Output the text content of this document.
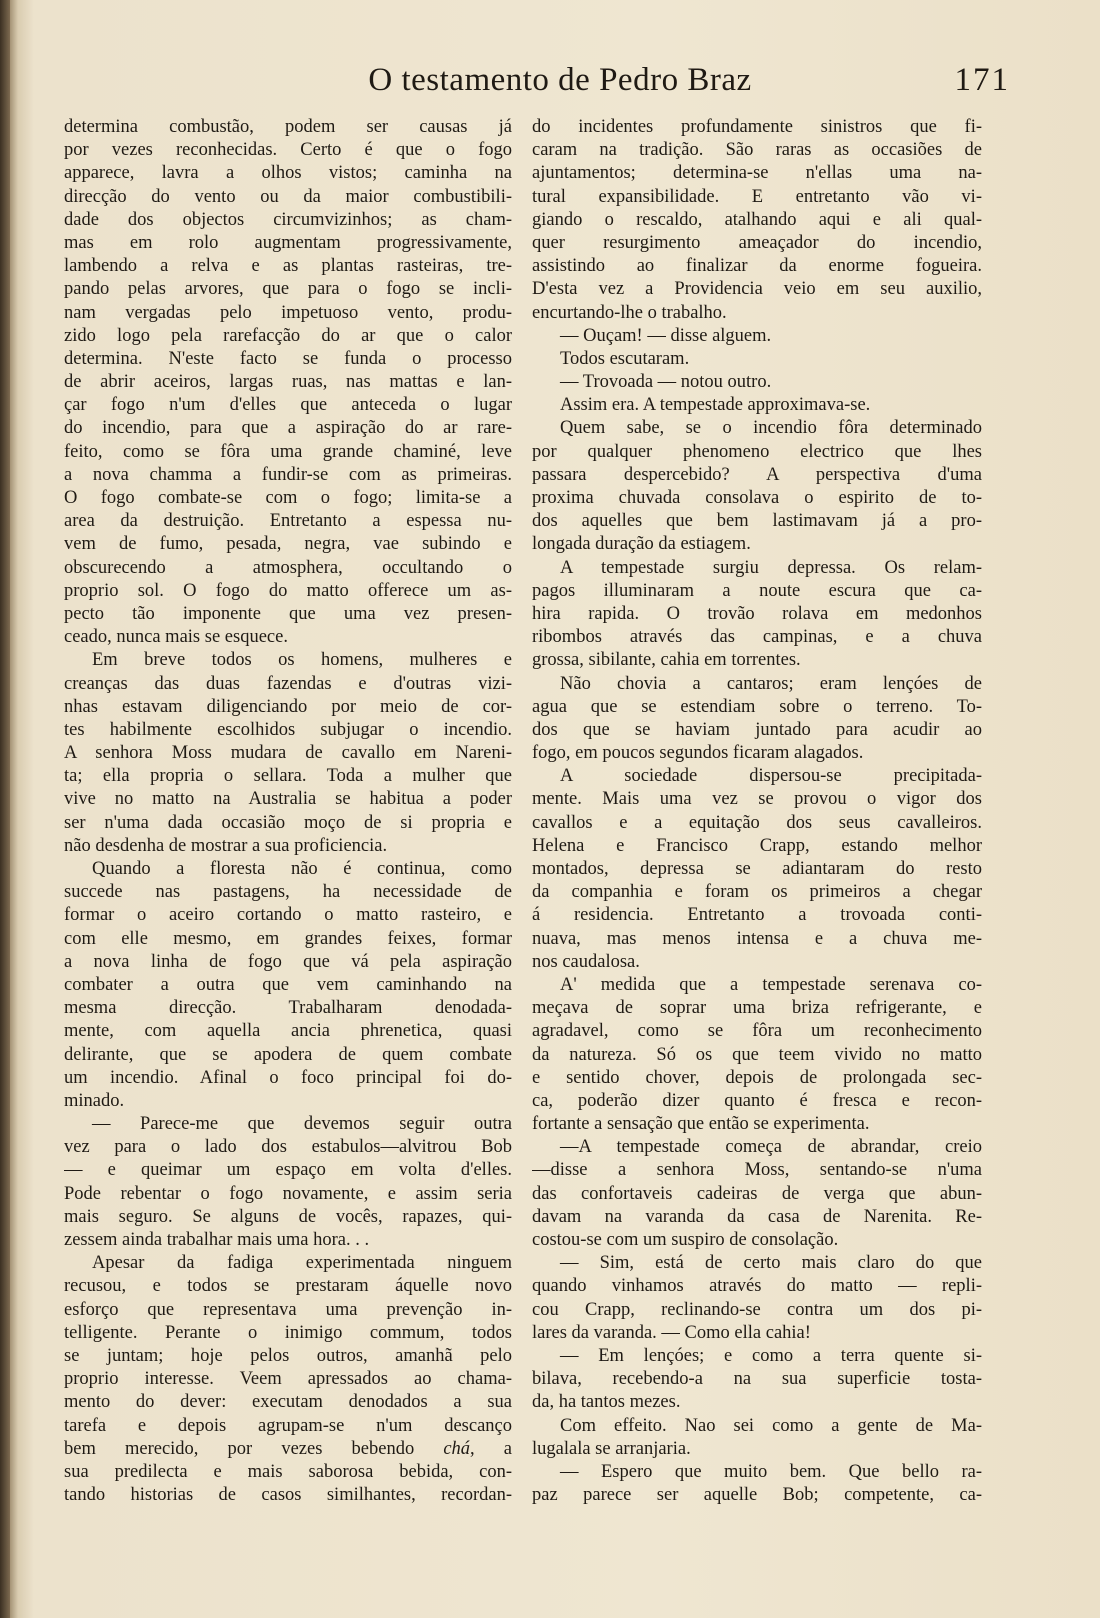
O testamento de Pedro Braz	171
determina combustão, podem ser causas já
por vezes reconhecidas. Certo é que o fogo
apparece, lavra a olhos vistos; caminha na
direcção do vento ou da maior combustibili-
dade dos objectos circumvizinhos; as cham-
mas em rolo augmentam progressivamente,
lambendo a relva e as plantas rasteiras, tre-
pando pelas arvores, que para o fogo se incli-
nam vergadas pelo impetuoso vento, produ-
zido logo pela rarefacção do ar que o calor
determina. N'este facto se funda o processo
de abrir aceiros, largas ruas, nas mattas e lan-
çar fogo n'um d'elles que anteceda o lugar
do incendio, para que a aspiração do ar rare-
feito, como se fôra uma grande chaminé, leve
a nova chamma a fundir-se com as primeiras.
O fogo combate-se com o fogo; limita-se a
area da destruição. Entretanto a espessa nu-
vem de fumo, pesada, negra, vae subindo e
obscurecendo a atmosphera, occultando o
proprio sol. O fogo do matto offerece um as-
pecto tão imponente que uma vez presen-
ceado, nunca mais se esquece.
Em breve todos os homens, mulheres e
creanças das duas fazendas e d'outras vizi-
nhas estavam diligenciando por meio de cor-
tes habilmente escolhidos subjugar o incendio.
A senhora Moss mudara de cavallo em Nareni-
ta; ella propria o sellara. Toda a mulher que
vive no matto na Australia se habitua a poder
ser n'uma dada occasião moço de si propria e
não desdenha de mostrar a sua proficiencia.
Quando a floresta não é continua, como
succede nas pastagens, ha necessidade de
formar o aceiro cortando o matto rasteiro, e
com elle mesmo, em grandes feixes, formar
a nova linha de fogo que vá pela aspiração
combater a outra que vem caminhando na
mesma direcção. Trabalharam denodada-
mente, com aquella ancia phrenetica, quasi
delirante, que se apodera de quem combate
um incendio. Afinal o foco principal foi do-
minado.
— Parece-me que devemos seguir outra
vez para o lado dos estabulos—alvitrou Bob
— e queimar um espaço em volta d'elles.
Pode rebentar o fogo novamente, e assim seria
mais seguro. Se alguns de vocês, rapazes, qui-
zessem ainda trabalhar mais uma hora. . .
Apesar da fadiga experimentada ninguem
recusou, e todos se prestaram áquelle novo
esforço que representava uma prevenção in-
telligente. Perante o inimigo commum, todos
se juntam; hoje pelos outros, amanhã pelo
proprio interesse. Veem apressados ao chama-
mento do dever: executam denodados a sua
tarefa e depois agrupam-se n'um descanço
bem merecido, por vezes bebendo chá, a
sua predilecta e mais saborosa bebida, con-
tando historias de casos similhantes, recordan-
do incidentes profundamente sinistros que fi-
caram na tradição. São raras as occasiões de
ajuntamentos; determina-se n'ellas uma na-
tural expansibilidade. E entretanto vão vi-
giando o rescaldo, atalhando aqui e ali qual-
quer resurgimento ameaçador do incendio,
assistindo ao finalizar da enorme fogueira.
D'esta vez a Providencia veio em seu auxilio,
encurtando-lhe o trabalho.
— Ouçam! — disse alguem.
Todos escutaram.
— Trovoada — notou outro.
Assim era. A tempestade approximava-se.
Quem sabe, se o incendio fôra determinado
por qualquer phenomeno electrico que lhes
passara despercebido? A perspectiva d'uma
proxima chuvada consolava o espirito de to-
dos aquelles que bem lastimavam já a pro-
longada duração da estiagem.
A tempestade surgiu depressa. Os relam-
pagos illuminaram a noute escura que ca-
hira rapida. O trovão rolava em medonhos
ribombos através das campinas, e a chuva
grossa, sibilante, cahia em torrentes.
Não chovia a cantaros; eram lençóes de
agua que se estendiam sobre o terreno. To-
dos que se haviam juntado para acudir ao
fogo, em poucos segundos ficaram alagados.
A sociedade dispersou-se precipitada-
mente. Mais uma vez se provou o vigor dos
cavallos e a equitação dos seus cavalleiros.
Helena e Francisco Crapp, estando melhor
montados, depressa se adiantaram do resto
da companhia e foram os primeiros a chegar
á residencia. Entretanto a trovoada conti-
nuava, mas menos intensa e a chuva me-
nos caudalosa.
A' medida que a tempestade serenava co-
meçava de soprar uma briza refrigerante, e
agradavel, como se fôra um reconhecimento
da natureza. Só os que teem vivido no matto
e sentido chover, depois de prolongada sec-
ca, poderão dizer quanto é fresca e recon-
fortante a sensação que então se experimenta.
—A tempestade começa de abrandar, creio
—disse a senhora Moss, sentando-se n'uma
das confortaveis cadeiras de verga que abun-
davam na varanda da casa de Narenita. Re-
costou-se com um suspiro de consolação.
— Sim, está de certo mais claro do que
quando vinhamos através do matto — repli-
cou Crapp, reclinando-se contra um dos pi-
lares da varanda. — Como ella cahia!
— Em lençóes; e como a terra quente si-
bilava, recebendo-a na sua superficie tosta-
da, ha tantos mezes.
Com effeito. Nao sei como a gente de Ma-
lugalala se arranjaria.
— Espero que muito bem. Que bello ra-
paz parece ser aquelle Bob; competente, ca-
